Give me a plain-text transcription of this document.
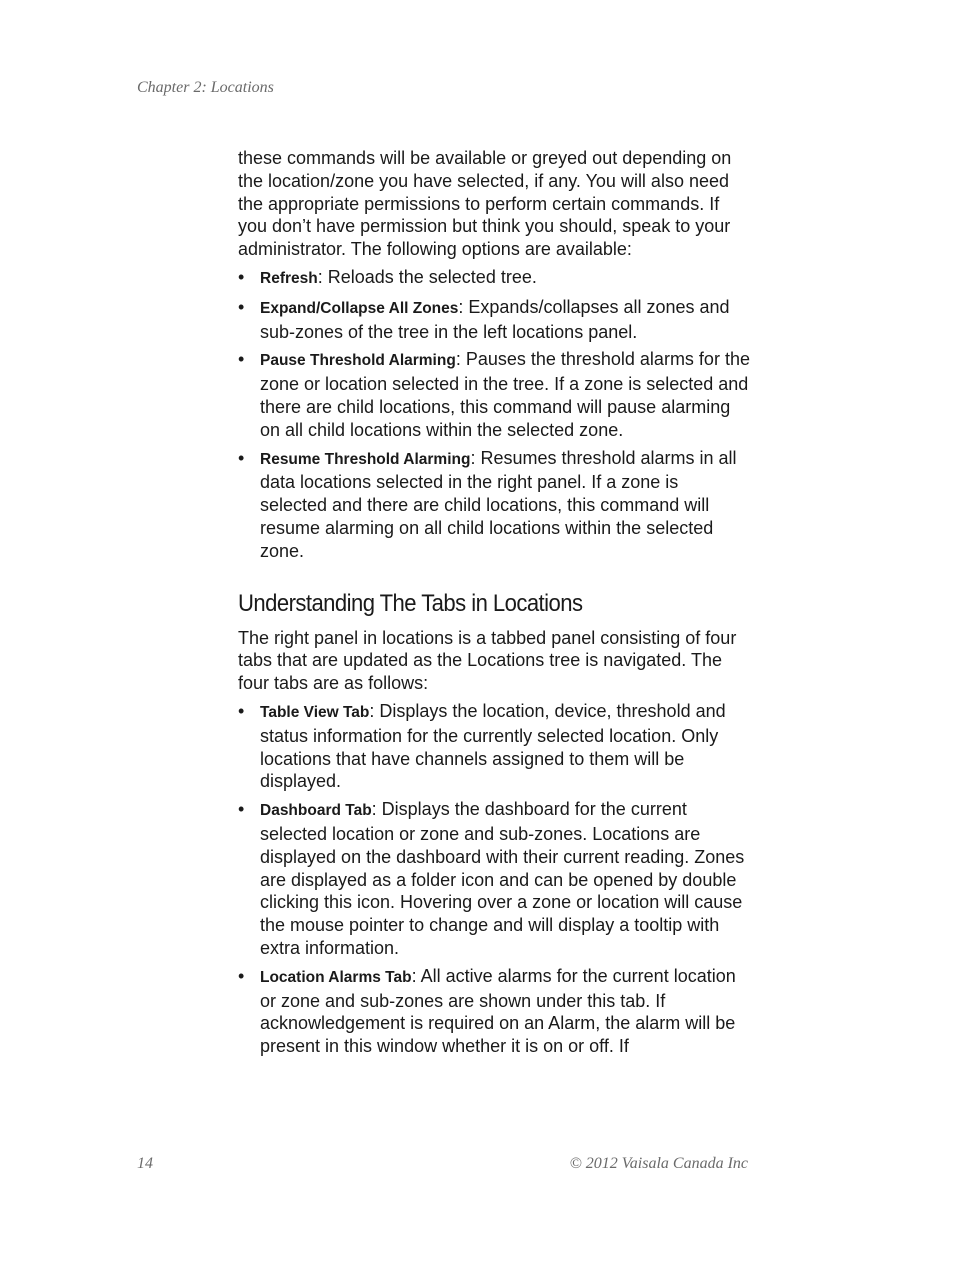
Chapter 2: Locations

these commands will be available or greyed out depending on the location/zone you have selected, if any. You will also need the appropriate permissions to perform certain commands. If you don’t have permission but think you should, speak to your administrator. The following options are available:

• Refresh: Reloads the selected tree.
• Expand/Collapse All Zones: Expands/collapses all zones and sub-zones of the tree in the left locations panel.
• Pause Threshold Alarming: Pauses the threshold alarms for the zone or location selected in the tree. If a zone is selected and there are child locations, this command will pause alarming on all child locations within the selected zone.
• Resume Threshold Alarming: Resumes threshold alarms in all data locations selected in the right panel. If a zone is selected and there are child locations, this command will resume alarming on all child locations within the selected zone.
Understanding The Tabs in Locations

The right panel in locations is a tabbed panel consisting of four tabs that are updated as the Locations tree is navigated. The four tabs are as follows:

• Table View Tab: Displays the location, device, threshold and status information for the currently selected location. Only locations that have channels assigned to them will be displayed.
• Dashboard Tab: Displays the dashboard for the current selected location or zone and sub-zones. Locations are displayed on the dashboard with their current reading. Zones are displayed as a folder icon and can be opened by double clicking this icon. Hovering over a zone or location will cause the mouse pointer to change and will display a tooltip with extra information.
• Location Alarms Tab: All active alarms for the current location or zone and sub-zones are shown under this tab. If acknowledgement is required on an Alarm, the alarm will be present in this window whether it is on or off. If
14	© 2012 Vaisala Canada Inc
